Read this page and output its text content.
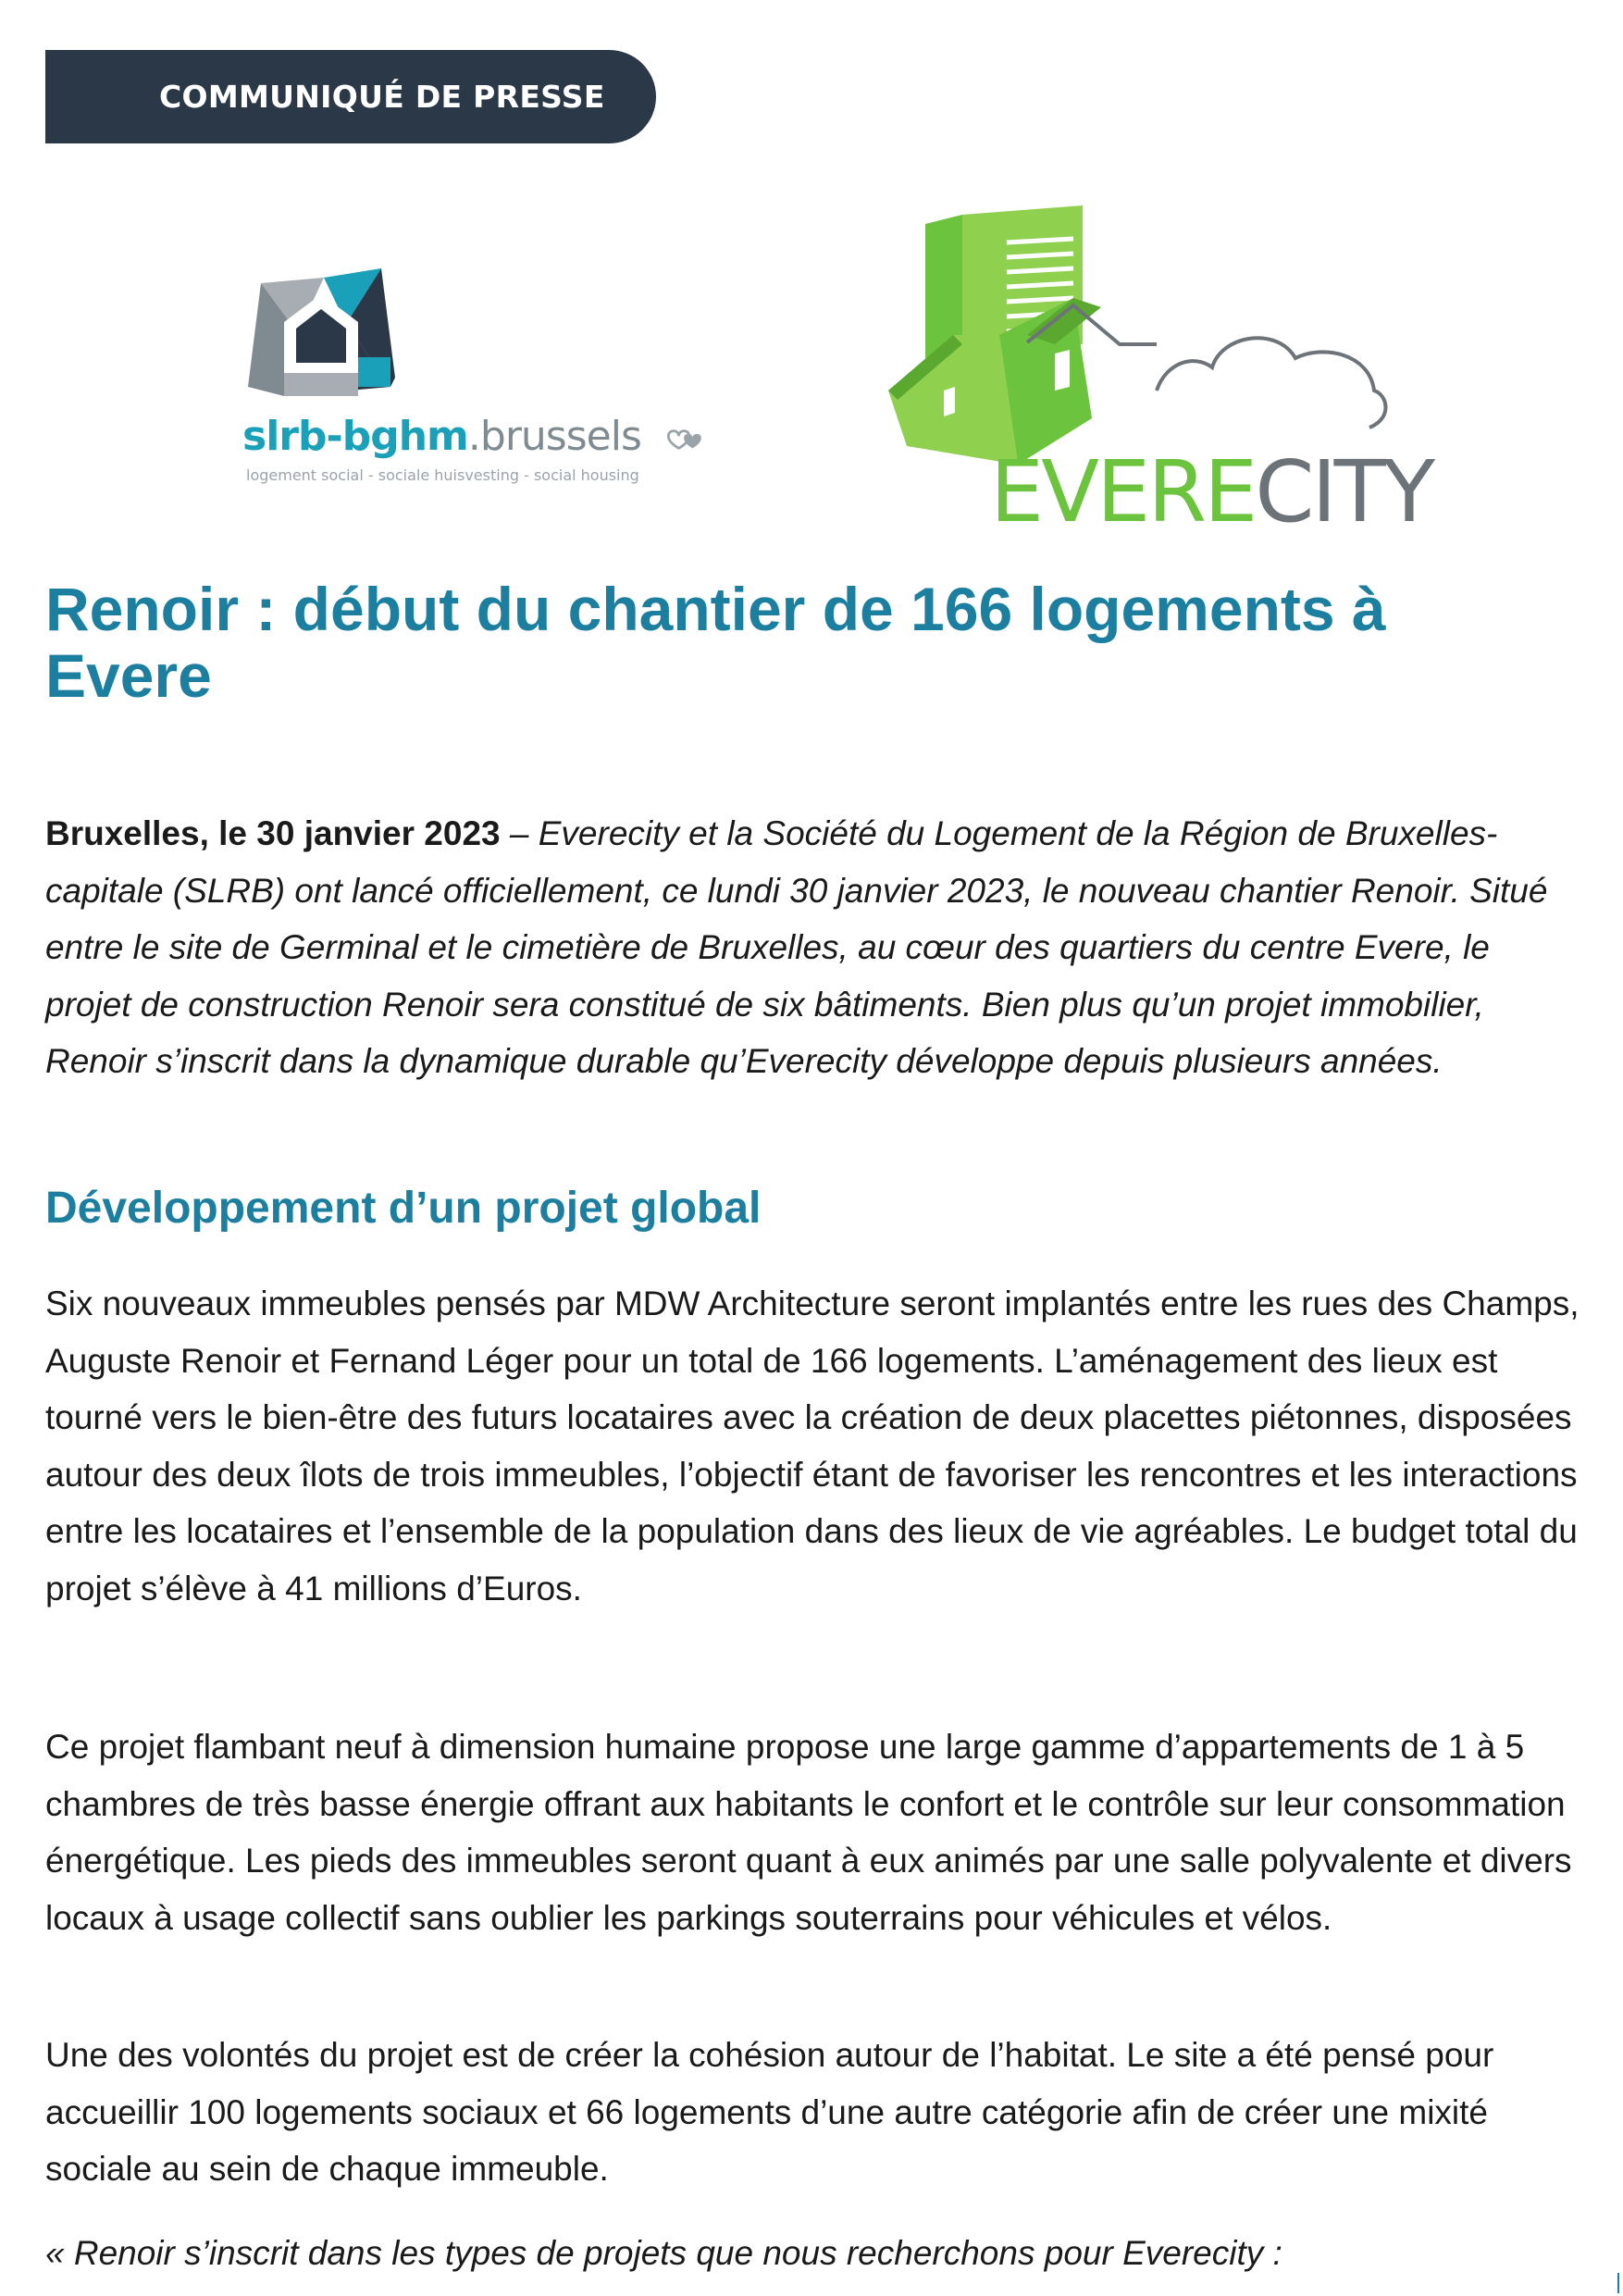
COMMUNIQUÉ DE PRESSE
slrb-bghm.brussels
logement social - sociale huisvesting - social housing	EVERECITY
Renoir : début du chantier de 166 logements à Evere

Bruxelles, le 30 janvier 2023 – Everecity et la Société du Logement de la Région de Bruxelles-capitale (SLRB) ont lancé officiellement, ce lundi 30 janvier 2023, le nouveau chantier Renoir. Situé entre le site de Germinal et le cimetière de Bruxelles, au cœur des quartiers du centre Evere, le projet de construction Renoir sera constitué de six bâtiments. Bien plus qu’un projet immobilier, Renoir s’inscrit dans la dynamique durable qu’Everecity développe depuis plusieurs années.

Développement d’un projet global

Six nouveaux immeubles pensés par MDW Architecture seront implantés entre les rues des Champs, Auguste Renoir et Fernand Léger pour un total de 166 logements. L’aménagement des lieux est tourné vers le bien-être des futurs locataires avec la création de deux placettes piétonnes, disposées autour des deux îlots de trois immeubles, l’objectif étant de favoriser les rencontres et les interactions entre les locataires et l’ensemble de la population dans des lieux de vie agréables. Le budget total du projet s’élève à 41 millions d’Euros.

Ce projet flambant neuf à dimension humaine propose une large gamme d’appartements de 1 à 5 chambres de très basse énergie offrant aux habitants le confort et le contrôle sur leur consommation énergétique. Les pieds des immeubles seront quant à eux animés par une salle polyvalente et divers locaux à usage collectif sans oublier les parkings souterrains pour véhicules et vélos.

Une des volontés du projet est de créer la cohésion autour de l’habitat. Le site a été pensé pour accueillir 100 logements sociaux et 66 logements d’une autre catégorie afin de créer une mixité sociale au sein de chaque immeuble.

« Renoir s’inscrit dans les types de projets que nous recherchons pour Everecity :
